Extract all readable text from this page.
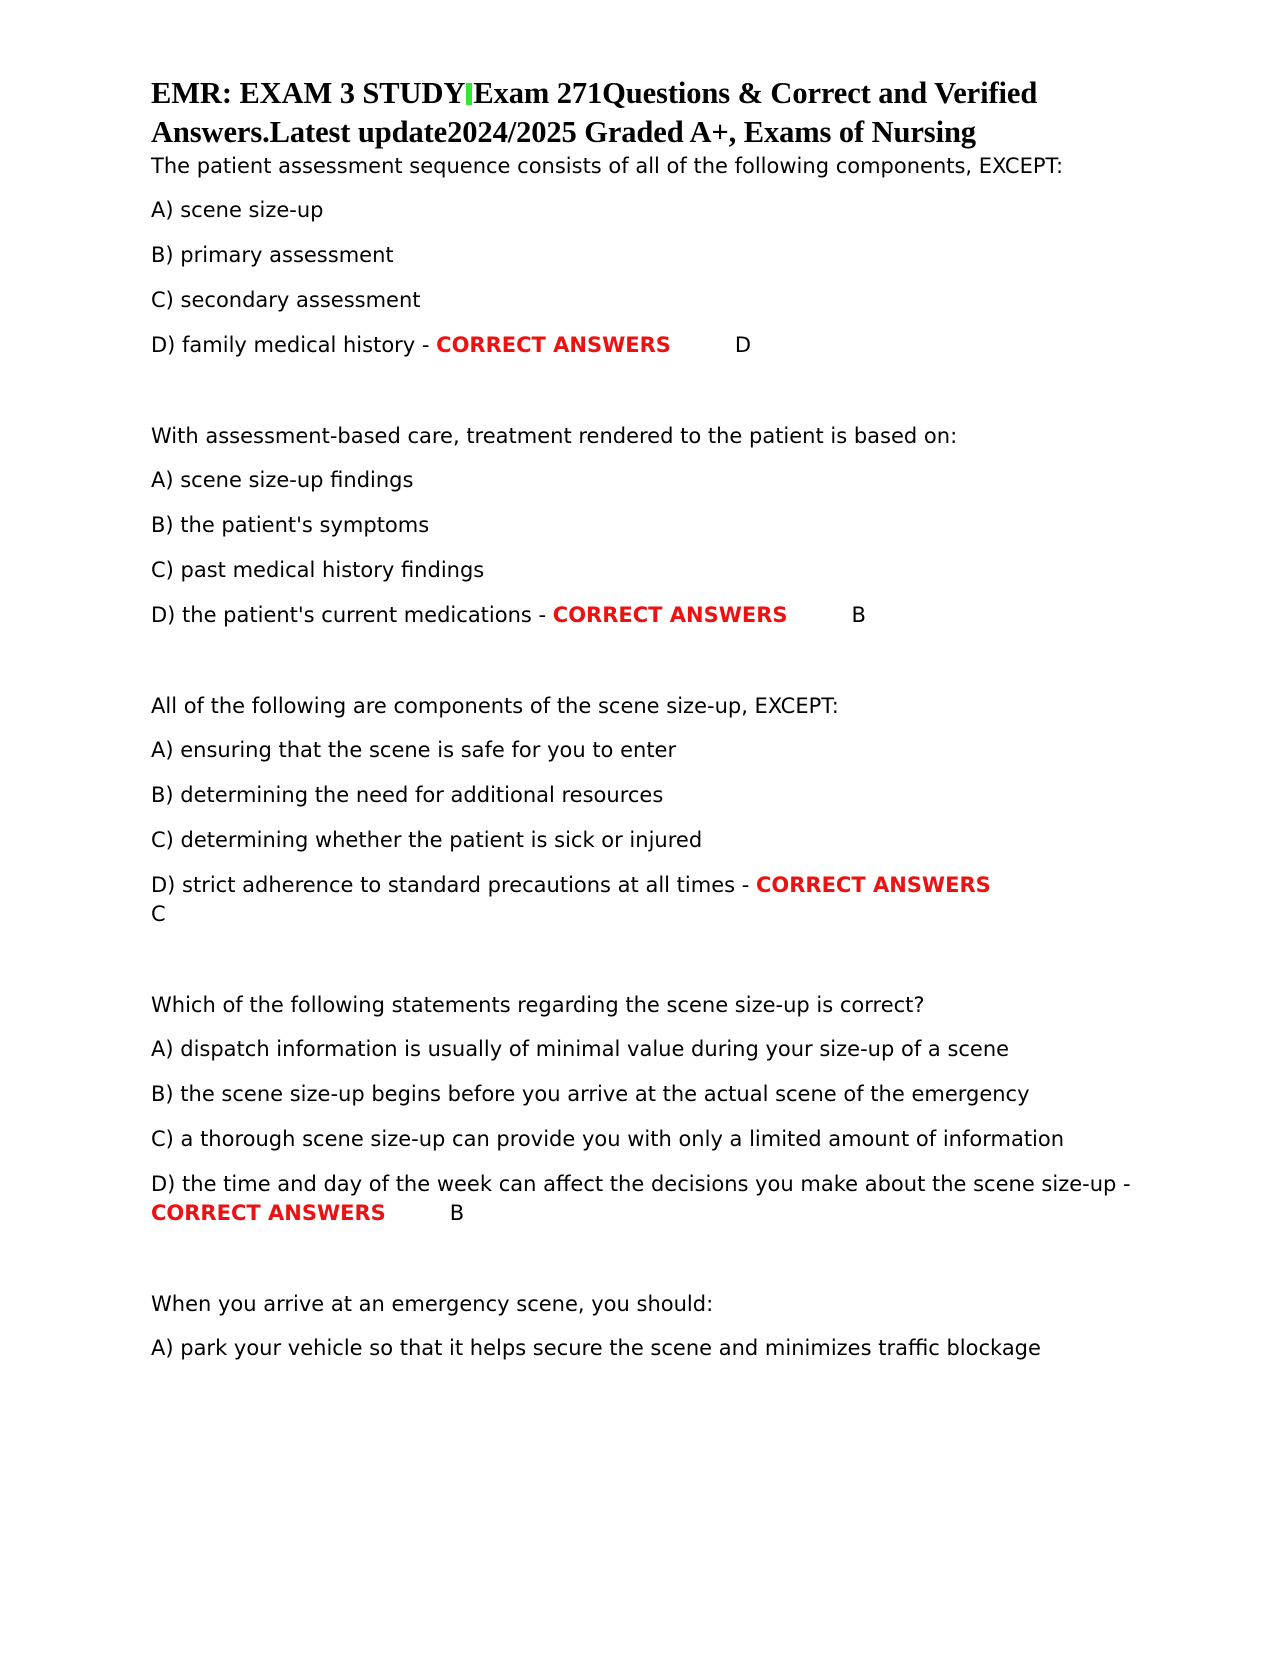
EMR: EXAM 3 STUDY Exam 271Questions & Correct and Verified Answers.Latest update2024/2025 Graded A+, Exams of Nursing

The patient assessment sequence consists of all of the following components, EXCEPT:

A) scene size-up

B) primary assessment

C) secondary assessment

D) family medical history - CORRECT ANSWERS	D

With assessment-based care, treatment rendered to the patient is based on:

A) scene size-up findings

B) the patient's symptoms

C) past medical history findings

D) the patient's current medications - CORRECT ANSWERS	B

All of the following are components of the scene size-up, EXCEPT:

A) ensuring that the scene is safe for you to enter

B) determining the need for additional resources

C) determining whether the patient is sick or injured

D) strict adherence to standard precautions at all times - CORRECT ANSWERS
C

Which of the following statements regarding the scene size-up is correct?

A) dispatch information is usually of minimal value during your size-up of a scene

B) the scene size-up begins before you arrive at the actual scene of the emergency

C) a thorough scene size-up can provide you with only a limited amount of information

D) the time and day of the week can affect the decisions you make about the scene size-up - CORRECT ANSWERS	B

When you arrive at an emergency scene, you should:

A) park your vehicle so that it helps secure the scene and minimizes traffic blockage
